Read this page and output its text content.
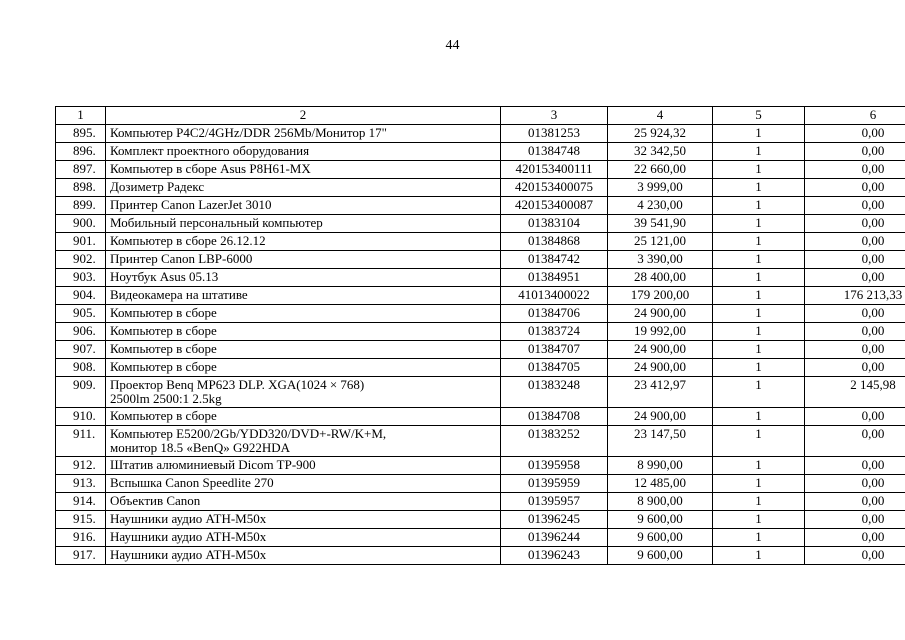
44
1	2	3	4	5	6
895.	Компьютер P4C2/4GHz/DDR 256Mb/Монитор 17"	01381253	25 924,32	1	0,00
896.	Комплект проектного оборудования	01384748	32 342,50	1	0,00
897.	Компьютер в сборе Asus P8H61-MX	420153400111	22 660,00	1	0,00
898.	Дозиметр Радекс	420153400075	3 999,00	1	0,00
899.	Принтер Canon LazerJet 3010	420153400087	4 230,00	1	0,00
900.	Мобильный персональный компьютер	01383104	39 541,90	1	0,00
901.	Компьютер в сборе 26.12.12	01384868	25 121,00	1	0,00
902.	Принтер Canon LBP-6000	01384742	3 390,00	1	0,00
903.	Ноутбук Asus 05.13	01384951	28 400,00	1	0,00
904.	Видеокамера на штативе	41013400022	179 200,00	1	176 213,33
905.	Компьютер в сборе	01384706	24 900,00	1	0,00
906.	Компьютер в сборе	01383724	19 992,00	1	0,00
907.	Компьютер в сборе	01384707	24 900,00	1	0,00
908.	Компьютер в сборе	01384705	24 900,00	1	0,00
909.	Проектор Benq MP623 DLP. XGA(1024 × 768)
2500lm 2500:1 2.5kg	01383248	23 412,97	1	2 145,98
910.	Компьютер в сборе	01384708	24 900,00	1	0,00
911.	Компьютер E5200/2Gb/YDD320/DVD+-RW/K+M,
монитор 18.5 «BenQ» G922HDA	01383252	23 147,50	1	0,00
912.	Штатив алюминиевый Dicom TP-900	01395958	8 990,00	1	0,00
913.	Вспышка Canon Speedlite 270	01395959	12 485,00	1	0,00
914.	Объектив Canon	01395957	8 900,00	1	0,00
915.	Наушники аудио ATH-M50x	01396245	9 600,00	1	0,00
916.	Наушники аудио ATH-M50x	01396244	9 600,00	1	0,00
917.	Наушники аудио ATH-M50x	01396243	9 600,00	1	0,00
